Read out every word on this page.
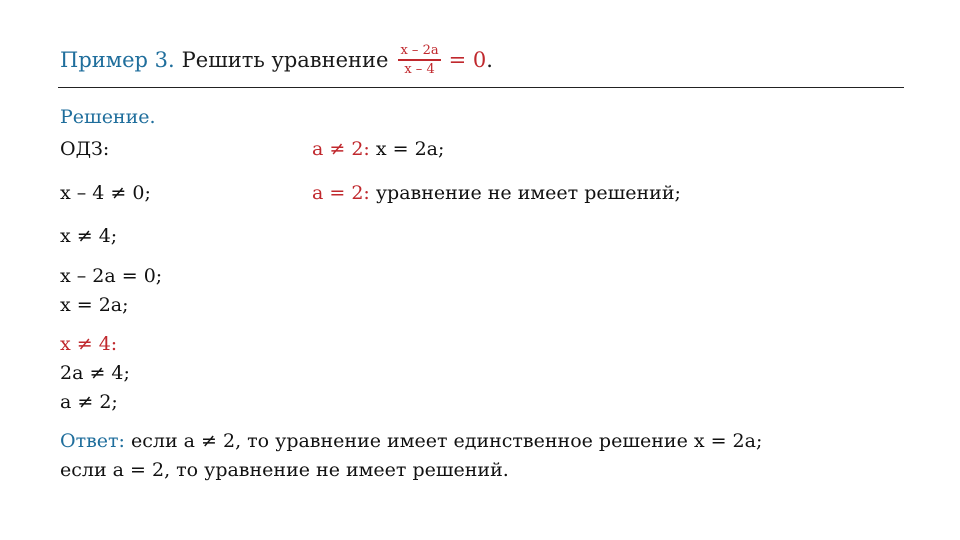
Пример 3. Решить уравнение $\frac{x - 2a}{x - 4} = 0$ .
Решение.
ОДЗ:	a ≠ 2: x = 2a;
x – 4 ≠ 0;	a = 2: уравнение не имеет решений;
x ≠ 4;
x – 2a = 0;
x = 2a;
x ≠ 4:
2a ≠ 4;
a ≠ 2;
Ответ: если a ≠ 2, то уравнение имеет единственное решение x = 2a;
если a = 2, то уравнение не имеет решений.
